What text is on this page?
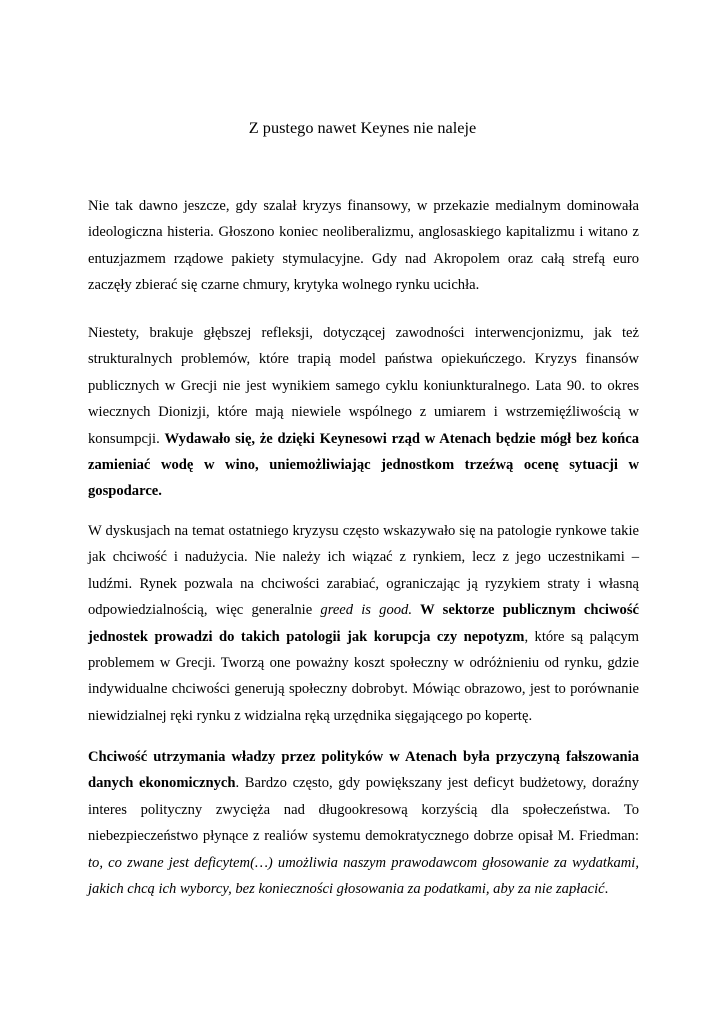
Z pustego nawet Keynes nie naleje

Nie tak dawno jeszcze, gdy szalał kryzys finansowy, w przekazie medialnym dominowała ideologiczna histeria. Głoszono koniec neoliberalizmu, anglosaskiego kapitalizmu i witano z entuzjazmem rządowe pakiety stymulacyjne. Gdy nad Akropolem oraz całą strefą euro zaczęły zbierać się czarne chmury, krytyka wolnego rynku ucichła.

Niestety, brakuje głębszej refleksji, dotyczącej zawodności interwencjonizmu, jak też strukturalnych problemów, które trapią model państwa opiekuńczego. Kryzys finansów publicznych w Grecji nie jest wynikiem samego cyklu koniunkturalnego. Lata 90. to okres wiecznych Dionizji, które mają niewiele wspólnego z umiarem i wstrzemięźliwością w konsumpcji. Wydawało się, że dzięki Keynesowi rząd w Atenach będzie mógł bez końca zamieniać wodę w wino, uniemożliwiając jednostkom trzeźwą ocenę sytuacji w gospodarce.

W dyskusjach na temat ostatniego kryzysu często wskazywało się na patologie rynkowe takie jak chciwość i nadużycia. Nie należy ich wiązać z rynkiem, lecz z jego uczestnikami – ludźmi. Rynek pozwala na chciwości zarabiać, ograniczając ją ryzykiem straty i własną odpowiedzialnością, więc generalnie greed is good. W sektorze publicznym chciwość jednostek prowadzi do takich patologii jak korupcja czy nepotyzm, które są palącym problemem w Grecji. Tworzą one poważny koszt społeczny w odróżnieniu od rynku, gdzie indywidualne chciwości generują społeczny dobrobyt. Mówiąc obrazowo, jest to porównanie niewidzialnej ręki rynku z widzialna ręką urzędnika sięgającego po kopertę.

Chciwość utrzymania władzy przez polityków w Atenach była przyczyną fałszowania danych ekonomicznych. Bardzo często, gdy powiększany jest deficyt budżetowy, doraźny interes polityczny zwycięża nad długookresową korzyścią dla społeczeństwa. To niebezpieczeństwo płynące z realiów systemu demokratycznego dobrze opisał M. Friedman: to, co zwane jest deficytem(…) umożliwia naszym prawodawcom głosowanie za wydatkami, jakich chcą ich wyborcy, bez konieczności głosowania za podatkami, aby za nie zapłacić.
